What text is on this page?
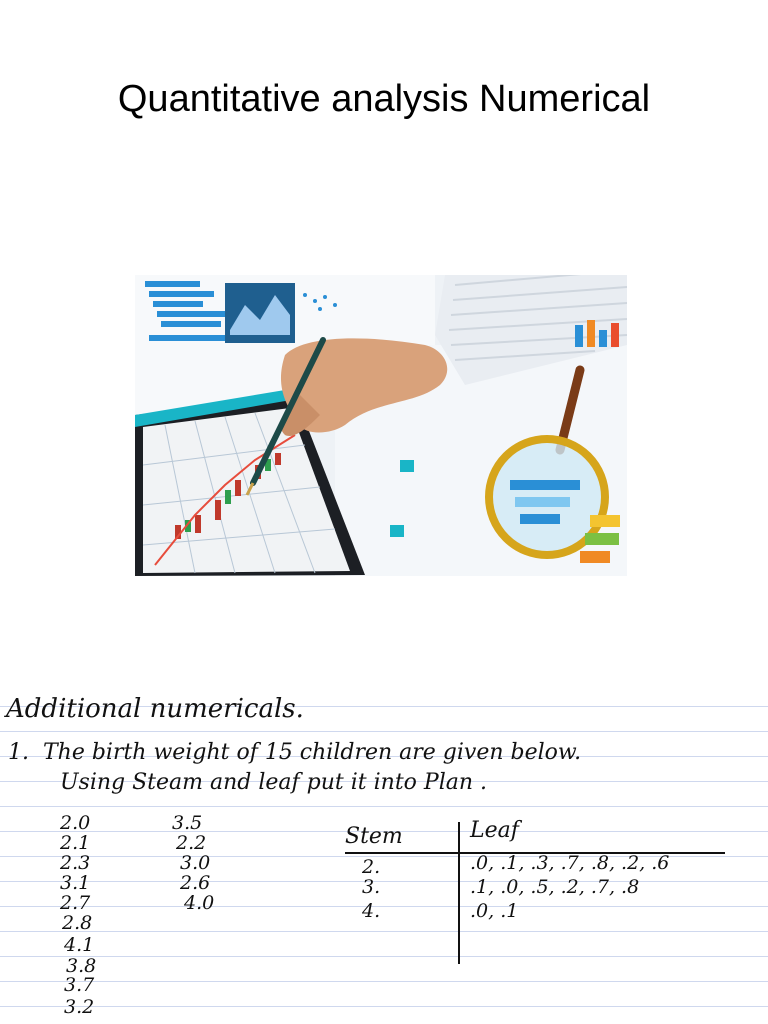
Quantitative analysis Numerical
Additional numericals.
1.  The birth weight of 15 children are given below.
Using Steam and leaf put it into Plan .
2.0
2.1
2.3
3.1
2.7
2.8
4.1
3.8
3.7
3.2
3.5
2.2
3.0
2.6
4.0
Stem	Leaf
2.
3.
4.
.0, .1, .3, .7, .8, .2, .6
.1, .0, .5, .2, .7, .8
.0, .1
